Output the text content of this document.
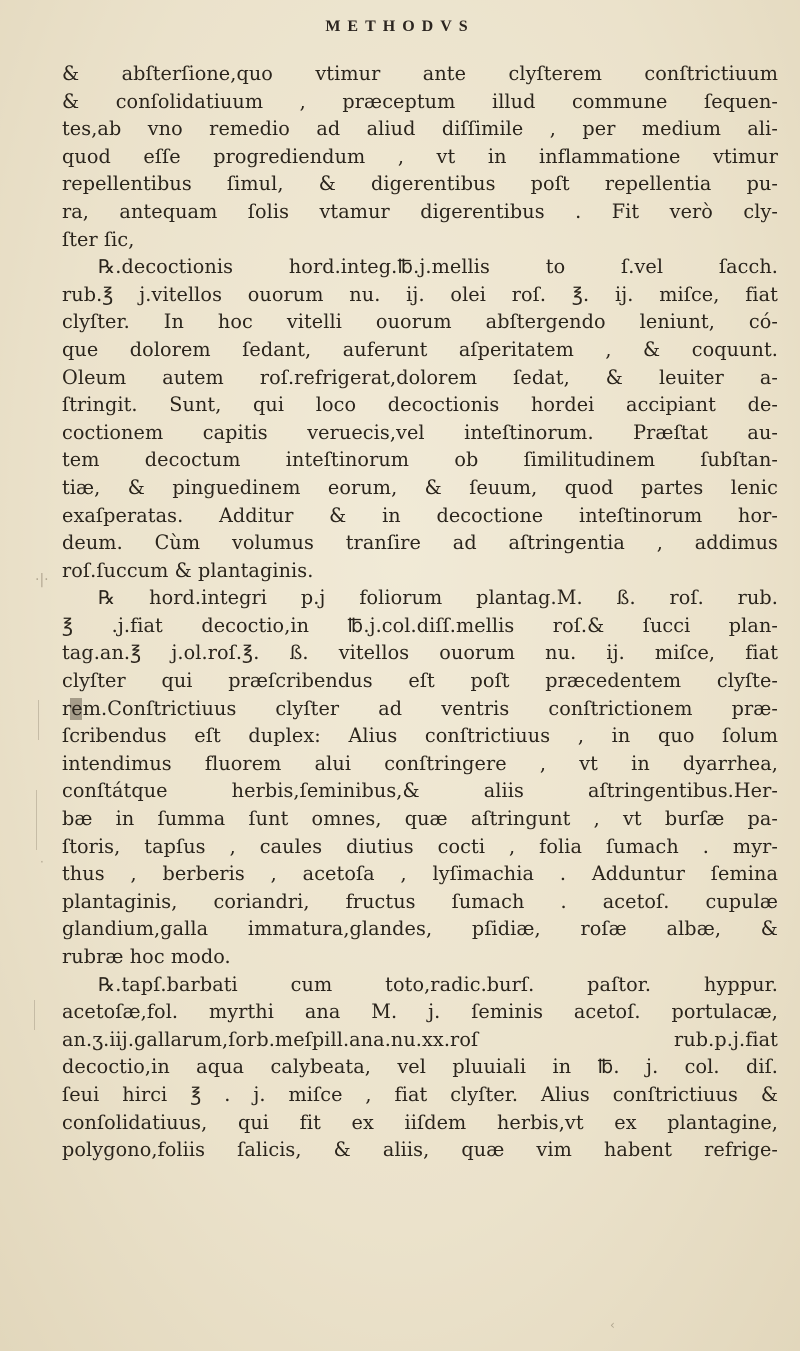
METHODVS
·|·
·
‹
& abſterſione,quo vtimur ante clyſterem conſtrictiuum
& conſolidatiuum , præceptum illud commune ſequen-
tes,ab vno remedio ad aliud diſſimile , per medium ali-
quod eſſe progrediendum , vt in inflammatione vtimur
repellentibus ſimul, & digerentibus poſt repellentia pu-
ra, antequam ſolis vtamur digerentibus . Fit verò cly-
ſter ſic,
℞.decoctionis hord.integ.℔.j.mellis to ſ.vel ſacch.
rub.℥ j.vitellos ouorum nu. ij. olei roſ. ℥. ij. miſce, fiat
clyſter. In hoc vitelli ouorum abſtergendo leniunt, có-
que dolorem ſedant, auferunt aſperitatem , & coquunt.
Oleum autem roſ.refrigerat,dolorem ſedat, & leuiter a-
ſtringit. Sunt, qui loco decoctionis hordei accipiant de-
coctionem capitis veruecis,vel inteſtinorum. Præſtat au-
tem decoctum inteſtinorum ob ſimilitudinem ſubſtan-
tiæ, & pinguedinem eorum, & ſeuum, quod partes lenic
exaſperatas. Additur & in decoctione inteſtinorum hor-
deum. Cùm volumus tranſire ad aſtringentia , addimus
roſ.ſuccum & plantaginis.
℞ hord.integri p.j foliorum plantag.M. ß. roſ. rub.
℥ .j.fiat decoctio,in ℔.j.col.diſſ.mellis roſ.& ſucci plan-
tag.an.℥ j.ol.roſ.℥. ß. vitellos ouorum nu. ij. miſce, fiat
clyſter qui præſcribendus eſt poſt præcedentem clyſte-
rem.Conſtrictiuus clyſter ad ventris conſtrictionem præ-
ſcribendus eſt duplex: Alius conſtrictiuus , in quo ſolum
intendimus fluorem alui conſtringere , vt in dyarrhea,
conſtátque herbis,ſeminibus,& aliis aſtringentibus.Her-
bæ in ſumma ſunt omnes, quæ aſtringunt , vt burſæ pa-
ſtoris, tapſus , caules diutius cocti , folia ſumach . myr-
thus , berberis , acetoſa , lyſimachia . Adduntur ſemina
plantaginis, coriandri, fructus ſumach . acetoſ. cupulæ
glandium,galla immatura,glandes, pſidiæ, roſæ albæ, &
rubræ hoc modo.
℞.tapſ.barbati cum toto,radic.burſ. paſtor. hyppur.
acetoſæ,fol. myrthi ana M. j. ſeminis acetoſ. portulacæ,
an.ʒ.iij.gallarum,ſorb.meſpill.ana.nu.xx.roſ rub.p.j.fiat
decoctio,in aqua calybeata, vel pluuiali in ℔. j. col. diſ.
ſeui hirci ℥ . j. miſce , fiat clyſter. Alius conſtrictiuus &
conſolidatiuus, qui fit ex iiſdem herbis,vt ex plantagine,
polygono,foliis ſalicis, & aliis, quæ vim habent refrige-
